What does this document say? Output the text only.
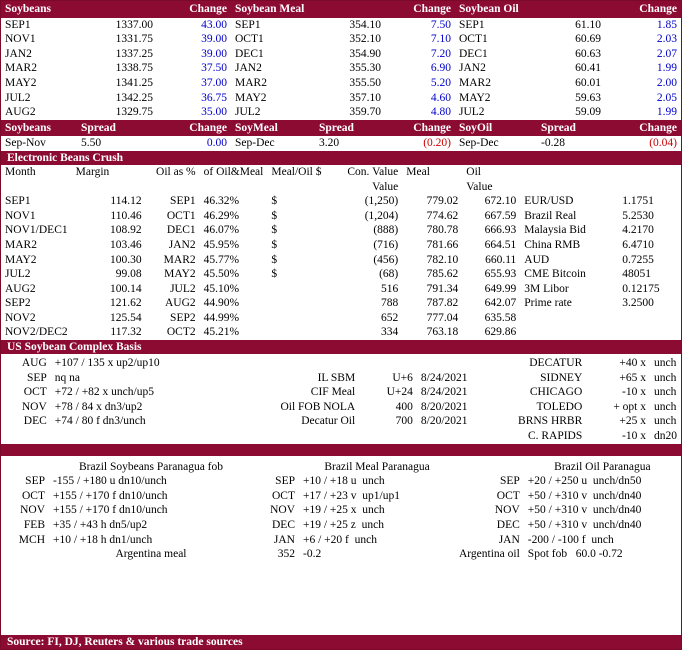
Soybeans		Change	Soybean Meal		Change	Soybean Oil		Change
SEP1	1337.00	43.00	SEP1	354.10	7.50	SEP1	61.10	1.85
NOV1	1331.75	39.00	OCT1	352.10	7.10	OCT1	60.69	2.03
JAN2	1337.25	39.00	DEC1	354.90	7.20	DEC1	60.63	2.07
MAR2	1338.75	37.50	JAN2	355.30	6.90	JAN2	60.41	1.99
MAY2	1341.25	37.00	MAR2	355.50	5.20	MAR2	60.01	2.00
JUL2	1342.25	36.75	MAY2	357.10	4.60	MAY2	59.63	2.05
AUG2	1329.75	35.00	JUL2	359.70	4.80	JUL2	59.09	1.99
Soybeans	Spread	Change	SoyMeal	Spread	Change	SoyOil	Spread	Change
Sep-Nov	5.50	0.00	Sep-Dec	3.20	(0.20)	Sep-Dec	-0.28	(0.04)
Electronic Beans Crush
Month	Margin	Oil as %	of Oil&Meal	Meal/Oil $	Con. Value	Meal	Oil		
					Value		Value		
SEP1	114.12	SEP1	46.32%	$	(1,250)	779.02	672.10	EUR/USD	1.1751
NOV1	110.46	OCT1	46.29%	$	(1,204)	774.62	667.59	Brazil Real	5.2530
NOV1/DEC1	108.92	DEC1	46.07%	$	(888)	780.78	666.93	Malaysia Bid	4.2170
MAR2	103.46	JAN2	45.95%	$	(716)	781.66	664.51	China RMB	6.4710
MAY2	100.30	MAR2	45.77%	$	(456)	782.10	660.11	AUD	0.7255
JUL2	99.08	MAY2	45.50%	$	(68)	785.62	655.93	CME Bitcoin	48051
AUG2	100.14	JUL2	45.10%		516	791.34	649.99	3M Libor	0.12175
SEP2	121.62	AUG2	44.90%		788	787.82	642.07	Prime rate	3.2500
NOV2	125.54	SEP2	44.99%		652	777.04	635.58		
NOV2/DEC2	117.32	OCT2	45.21%		334	763.18	629.86		
US Soybean Complex Basis
AUG	+107 / 135 x up2/up10				DECATUR	+40 x	unch
SEP	nq na	IL SBM	U+6	8/24/2021	SIDNEY	+65 x	unch
OCT	+72 / +82 x unch/up5	CIF Meal	U+24	8/24/2021	CHICAGO	-10 x	unch
NOV	+78 / 84 x dn3/up2	Oil FOB NOLA	400	8/20/2021	TOLEDO	+ opt x	unch
DEC	+74 / 80 f dn3/unch	Decatur Oil	700	8/20/2021	BRNS HRBR	+25 x	unch
					C. RAPIDS	-10 x	dn20
	Brazil Soybeans Paranagua fob		Brazil Meal Paranagua		Brazil Oil Paranagua
SEP	-155 / +180 u dn10/unch	SEP	+10 / +18 u unch	SEP	+20 / +250 u unch/dn50
OCT	+155 / +170 f dn10/unch	OCT	+17 / +23 v up1/up1	OCT	+50 / +310 v unch/dn40
NOV	+155 / +170 f dn10/unch	NOV	+19 / +25 x unch	NOV	+50 / +310 v unch/dn40
FEB	+35 / +43 h dn5/up2	DEC	+19 / +25 z unch	DEC	+50 / +310 v unch/dn40
MCH	+10 / +18 h dn1/unch	JAN	+6 / +20 f unch	JAN	-200 / -100 f unch
	Argentina meal	352	-0.2	Argentina oil	Spot fob 60.0 -0.72
Source: FI, DJ, Reuters & various trade sources
